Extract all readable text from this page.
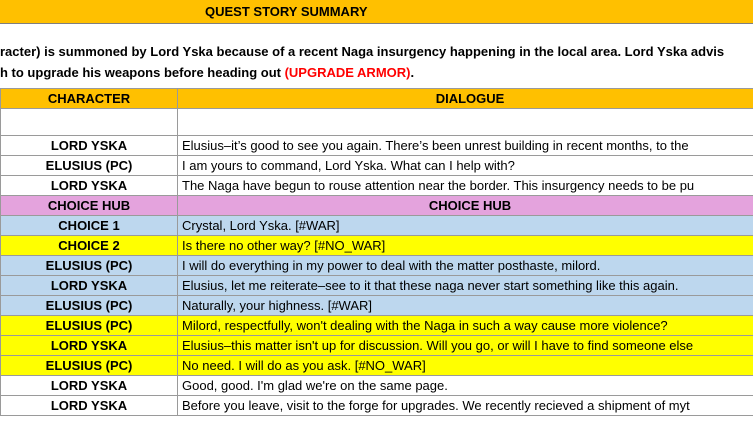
QUEST STORY SUMMARY
racter) is summoned by Lord Yska because of a recent Naga insurgency happening in the local area. Lord Yska advis
h to upgrade his weapons before heading out (UPGRADE ARMOR).
CHARACTER	DIALOGUE

LORD YSKA	Elusius–it’s good to see you again. There’s been unrest building in recent months, to the
ELUSIUS (PC)	I am yours to command, Lord Yska. What can I help with?
LORD YSKA	The Naga have begun to rouse attention near the border. This insurgency needs to be pu
CHOICE HUB	CHOICE HUB
CHOICE 1	Crystal, Lord Yska. [#WAR]
CHOICE 2	Is there no other way? [#NO_WAR]
ELUSIUS (PC)	I will do everything in my power to deal with the matter posthaste, milord.
LORD YSKA	Elusius, let me reiterate–see to it that these naga never start something like this again.
ELUSIUS (PC)	Naturally, your highness. [#WAR]
ELUSIUS (PC)	Milord, respectfully, won't dealing with the Naga in such a way cause more violence?
LORD YSKA	Elusius–this matter isn't up for discussion. Will you go, or will I have to find someone else
ELUSIUS (PC)	No need. I will do as you ask. [#NO_WAR]
LORD YSKA	Good, good. I'm glad we're on the same page.
LORD YSKA	Before you leave, visit to the forge for upgrades. We recently recieved a shipment of myt
